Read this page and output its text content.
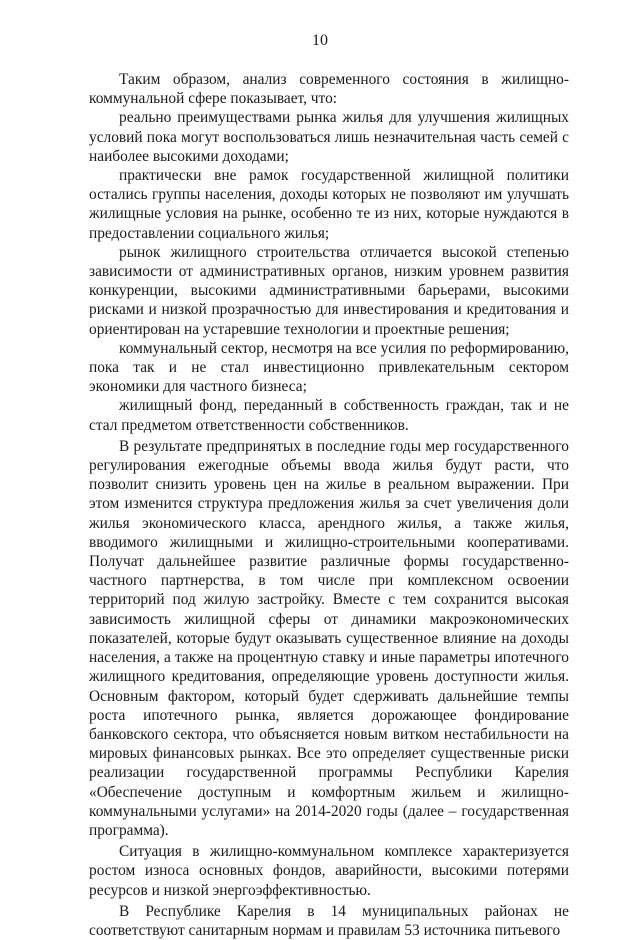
10

Таким образом, анализ современного состояния в жилищно-коммунальной сфере показывает, что:

реально преимуществами рынка жилья для улучшения жилищных условий пока могут воспользоваться лишь незначительная часть семей с наиболее высокими доходами;

практически вне рамок государственной жилищной политики остались группы населения, доходы которых не позволяют им улучшать жилищные условия на рынке, особенно те из них, которые нуждаются в предоставлении социального жилья;

рынок жилищного строительства отличается высокой степенью зависимости от административных органов, низким уровнем развития конкуренции, высокими административными барьерами, высокими рисками и низкой прозрачностью для инвестирования и кредитования и ориентирован на устаревшие технологии и проектные решения;

коммунальный сектор, несмотря на все усилия по реформированию, пока так и не стал инвестиционно привлекательным сектором экономики для частного бизнеса;

жилищный фонд, переданный в собственность граждан, так и не стал предметом ответственности собственников.

В результате предпринятых в последние годы мер государственного регулирования ежегодные объемы ввода жилья будут расти, что позволит снизить уровень цен на жилье в реальном выражении. При этом изменится структура предложения жилья за счет увеличения доли жилья экономического класса, арендного жилья, а также жилья, вводимого жилищными и жилищно-строительными кооперативами. Получат дальнейшее развитие различные формы государственно-частного партнерства, в том числе при комплексном освоении территорий под жилую застройку. Вместе с тем сохранится высокая зависимость жилищной сферы от динамики макроэкономических показателей, которые будут оказывать существенное влияние на доходы населения, а также на процентную ставку и иные параметры ипотечного жилищного кредитования, определяющие уровень доступности жилья. Основным фактором, который будет сдерживать дальнейшие темпы роста ипотечного рынка, является дорожающее фондирование банковского сектора, что объясняется новым витком нестабильности на мировых финансовых рынках. Все это определяет существенные риски реализации государственной программы Республики Карелия «Обеспечение доступным и комфортным жильем и жилищно-коммунальными услугами» на 2014-2020 годы (далее – государственная программа).

Ситуация в жилищно-коммунальном комплексе характеризуется ростом износа основных фондов, аварийности, высокими потерями ресурсов и низкой энергоэффективностью.

В Республике Карелия в 14 муниципальных районах не соответствуют санитарным нормам и правилам 53 источника питьевого
